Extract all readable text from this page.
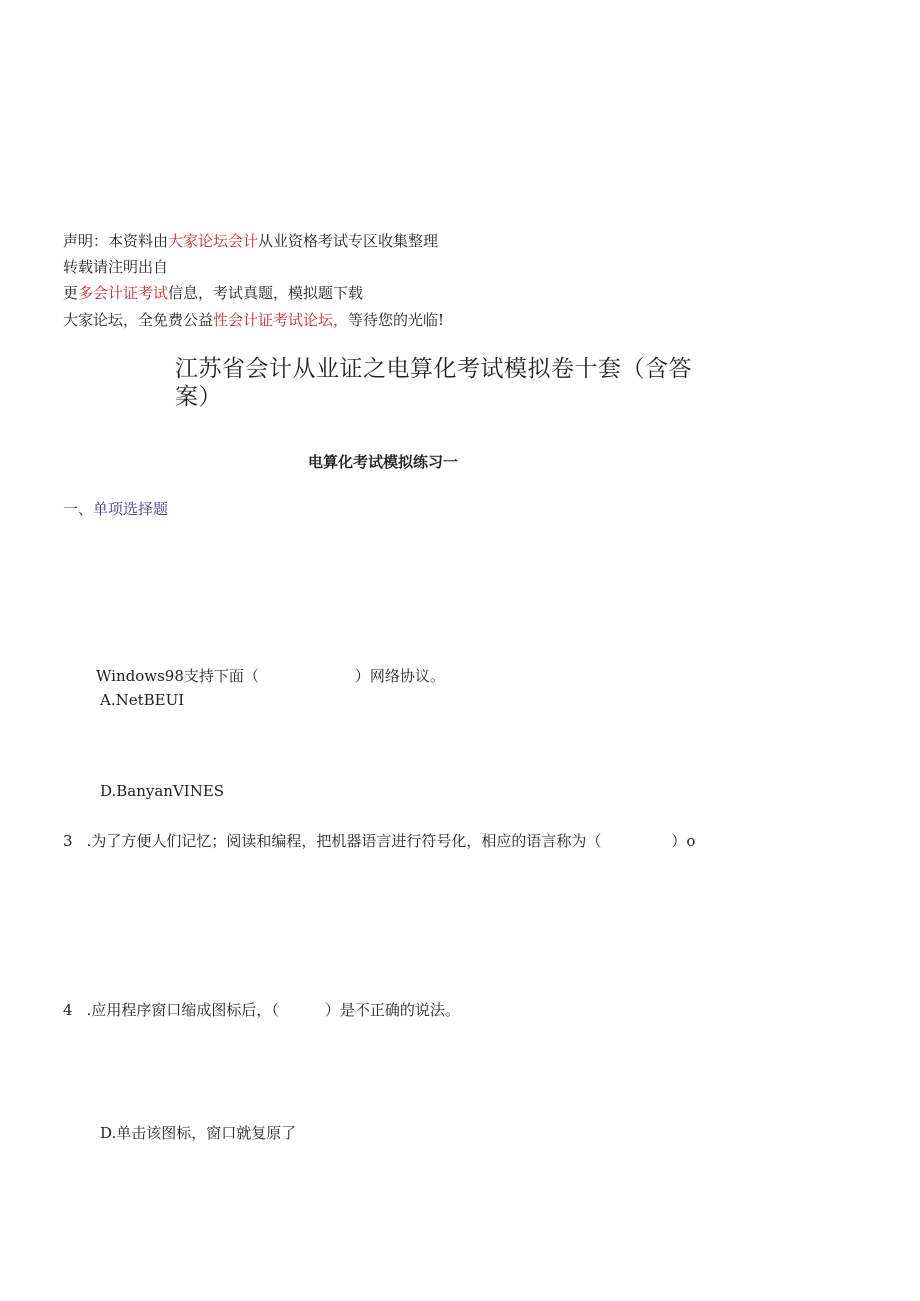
声明：本资料由大家论坛会计从业资格考试专区收集整理
转载请注明出自
更多会计证考试信息，考试真题，模拟题下载
大家论坛，全免费公益性会计证考试论坛，等待您的光临!
江苏省会计从业证之电算化考试模拟卷十套（含答案）
电算化考试模拟练习一
一、单项选择题
Windows98支持下面（	）网络协议。
A.NetBEUI
D.BanyanVINES
3 .为了方便人们记忆；阅读和编程，把机器语言进行符号化，相应的语言称为（	）o
4 .应用程序窗口缩成图标后，（	）是不正确的说法。
D.单击该图标，窗口就复原了
